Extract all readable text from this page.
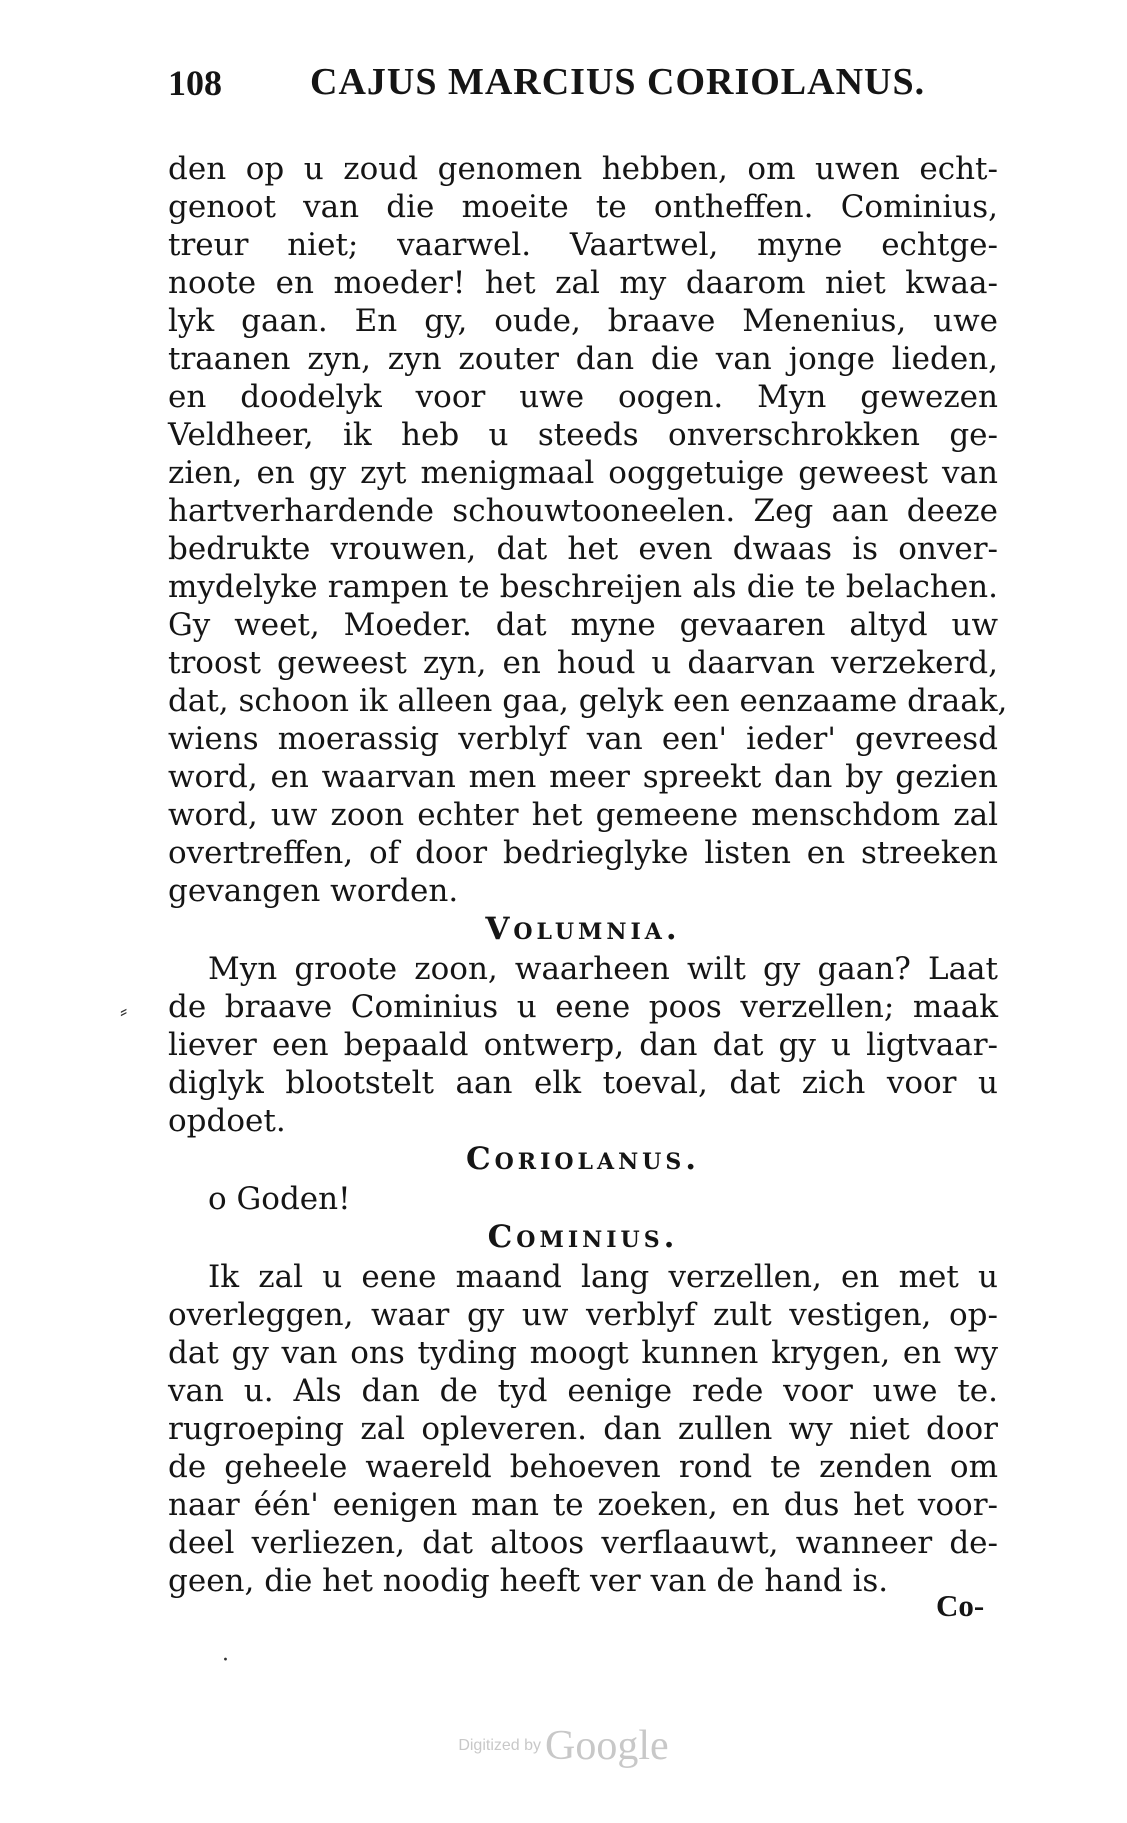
108 CAJUS MARCIUS CORIOLANUS.
den op u zoud genomen hebben, om uwen echt-
genoot van die moeite te ontheffen. Cominius,
treur niet; vaarwel. Vaartwel, myne echtge-
noote en moeder! het zal my daarom niet kwaa-
lyk gaan. En gy, oude, braave Menenius, uwe
traanen zyn, zyn zouter dan die van jonge lieden,
en doodelyk voor uwe oogen. Myn gewezen
Veldheer, ik heb u steeds onverschrokken ge-
zien, en gy zyt menigmaal ooggetuige geweest van
hartverhardende schouwtooneelen. Zeg aan deeze
bedrukte vrouwen, dat het even dwaas is onver-
mydelyke rampen te beschreijen als die te belachen.
Gy weet, Moeder. dat myne gevaaren altyd uw
troost geweest zyn, en houd u daarvan verzekerd,
dat, schoon ik alleen gaa, gelyk een eenzaame draak,
wiens moerassig verblyf van een' ieder' gevreesd
word, en waarvan men meer spreekt dan by gezien
word, uw zoon echter het gemeene menschdom zal
overtreffen, of door bedrieglyke listen en streeken
gevangen worden.
Volumnia.
Myn groote zoon, waarheen wilt gy gaan? Laat
de braave Cominius u eene poos verzellen; maak
liever een bepaald ontwerp, dan dat gy u ligtvaar-
diglyk blootstelt aan elk toeval, dat zich voor u
opdoet.
Coriolanus.
o Goden!
Cominius.
Ik zal u eene maand lang verzellen, en met u
overleggen, waar gy uw verblyf zult vestigen, op-
dat gy van ons tyding moogt kunnen krygen, en wy
van u. Als dan de tyd eenige rede voor uwe te.
rugroeping zal opleveren. dan zullen wy niet door
de geheele waereld behoeven rond te zenden om
naar één' eenigen man te zoeken, en dus het voor-
deel verliezen, dat altoos verflaauwt, wanneer de-
geen, die het noodig heeft ver van de hand is.
Co-
⸗
·
Digitized by Google
